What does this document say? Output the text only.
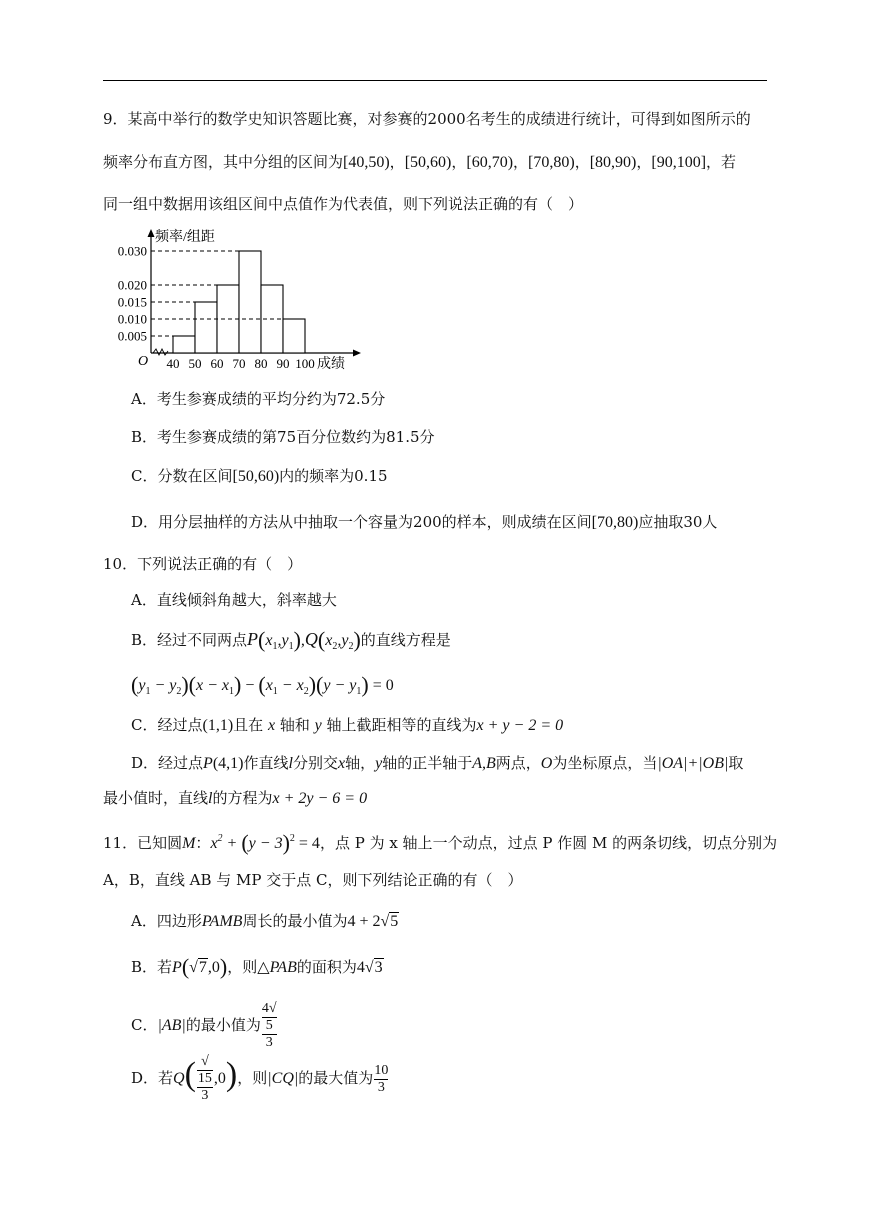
9．某高中举行的数学史知识答题比赛，对参赛的2000名考生的成绩进行统计，可得到如图所示的
频率分布直方图，其中分组的区间为[40,50)，[50,60)，[60,70)，[70,80)，[80,90)，[90,100]，若
同一组中数据用该组区间中点值作为代表值，则下列说法正确的有（　）
频率/组距
O
0.005
0.010
0.015
0.020
0.030
40 50 60 70 80 90 100 成绩
A．考生参赛成绩的平均分约为72.5分
B．考生参赛成绩的第75百分位数约为81.5分
C．分数在区间[50,60)内的频率为0.15
D．用分层抽样的方法从中抽取一个容量为200的样本，则成绩在区间[70,80)应抽取30人
10．下列说法正确的有（　）
A．直线倾斜角越大，斜率越大
B．经过不同两点$P(x_1,y_1),Q(x_2,y_2)$的直线方程是
$(y_1 - y_2)(x - x_1) - (x_1 - x_2)(y - y_1) = 0$
C．经过点(1,1)且在 x 轴和 y 轴上截距相等的直线为x + y − 2 = 0
D．经过点P(4,1)作直线l分别交x轴，y轴的正半轴于A,B两点，O为坐标原点，当|OA|+|OB|取
最小值时，直线l的方程为x + 2y − 6 = 0
11．已知圆M：$x^2 + (y - 3)^2 = 4$，点 P 为 x 轴上一个动点，过点 P 作圆 M 的两条切线，切点分别为
A，B，直线 AB 与 MP 交于点 C，则下列结论正确的有（　）
A．四边形PAMB周长的最小值为4 + 2√5
B．若P(√7,0)，则△PAB的面积为4√3
C．|AB|的最小值为 4√
5
3
D．若Q( √
15
3 ,0)，则|CQ|的最大值为 $\frac{10}{3}$
